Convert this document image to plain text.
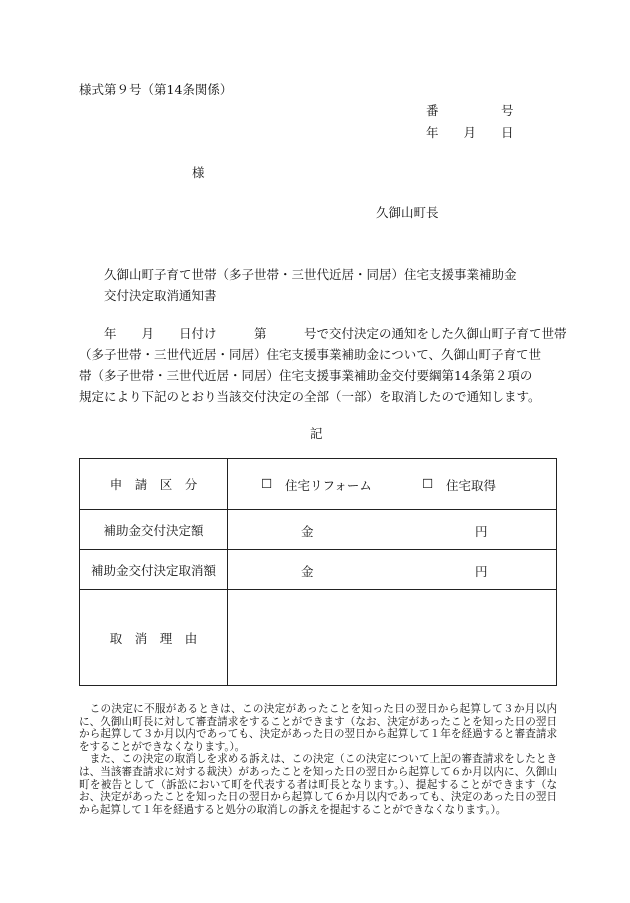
様式第９号（第14条関係）
番　　　　　号
年　　月　　日
様
久御山町長
久御山町子育て世帯（多子世帯・三世代近居・同居）住宅支援事業補助金
交付決定取消通知書
年　　月　　日付け　　　第　　　号で交付決定の通知をした久御山町子育て世帯
（多子世帯・三世代近居・同居）住宅支援事業補助金について、久御山町子育て世
帯（多子世帯・三世代近居・同居）住宅支援事業補助金交付要綱第14条第２項の
規定により下記のとおり当該交付決定の全部（一部）を取消したので通知します。
記
申　請　区　分	☐ 住宅リフォーム	☐ 住宅取得
補助金交付決定額	金	円
補助金交付決定取消額	金	円
取　消　理　由

この決定に不服があるときは、この決定があったことを知った日の翌日から起算して３か月以内に、久御山町長に対して審査請求をすることができます（なお、決定があったことを知った日の翌日から起算して３か月以内であっても、決定があった日の翌日から起算して１年を経過すると審査請求をすることができなくなります。）。

また、この決定の取消しを求める訴えは、この決定（この決定について上記の審査請求をしたときは、当該審査請求に対する裁決）があったことを知った日の翌日から起算して６か月以内に、久御山町を被告として（訴訟において町を代表する者は町長となります。）、提起することができます（なお、決定があったことを知った日の翌日から起算して６か月以内であっても、決定のあった日の翌日から起算して１年を経過すると処分の取消しの訴えを提起することができなくなります。）。
